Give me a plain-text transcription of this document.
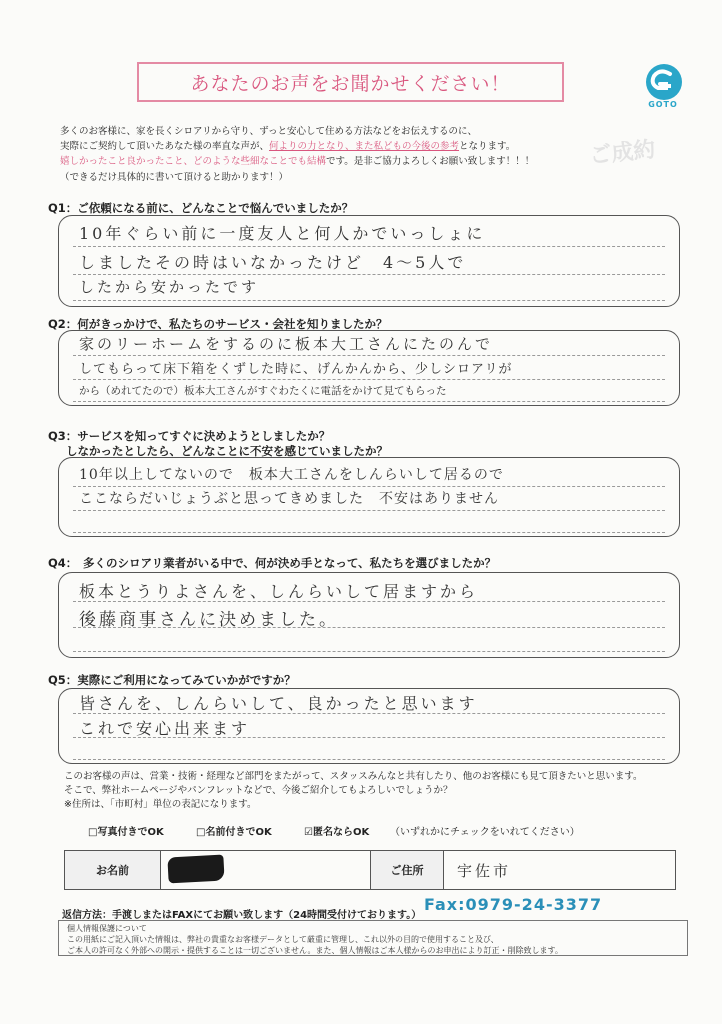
あなたのお声をお聞かせください！
GOTO
ご成約
多くのお客様に、家を長くシロアリから守り、ずっと安心して住める方法などをお伝えするのに、
実際にご契約して頂いたあなた様の率直な声が、何よりの力となり、また私どもの今後の参考となります。
嬉しかったこと良かったこと、どのような些細なことでも結構です。是非ご協力よろしくお願い致します！！！
（できるだけ具体的に書いて頂けると助かります！）
Q1：ご依頼になる前に、どんなことで悩んでいましたか？
10年ぐらい前に一度友人と何人かでいっしょに
しましたその時はいなかったけど　4～5人で
したから安かったです
Q2：何がきっかけで、私たちのサービス・会社を知りましたか？
家のリーホームをするのに板本大工さんにたのんで
してもらって床下箱をくずした時に、げんかんから、少しシロアリが
から（めれてたので）板本大工さんがすぐわたくに電話をかけて見てもらった
Q3：サービスを知ってすぐに決めようとしましたか？
しなかったとしたら、どんなことに不安を感じていましたか？
10年以上してないので　板本大工さんをしんらいして居るので
ここならだいじょうぶと思ってきめました　不安はありません
Q4：　多くのシロアリ業者がいる中で、何が決め手となって、私たちを選びましたか？
板本とうりよさんを、しんらいして居ますから
後藤商事さんに決めました。
Q5：実際にご利用になってみていかがですか？
皆さんを、しんらいして、良かったと思います
これで安心出来ます
このお客様の声は、営業・技術・経理など部門をまたがって、スタッスみんなと共有したり、他のお客様にも見て頂きたいと思います。
そこで、弊社ホームページやパンフレットなどで、今後ご紹介してもよろしいでしょうか？
※住所は、「市町村」単位の表記になります。
□写真付きでOK	□名前付きでOK	☑匿名ならOK （いずれかにチェックをいれてください）
お名前	ご住所	宇佐市
Fax:0979-24-3377
返信方法：手渡しまたはFAXにてお願い致します（24時間受付けております。）
個人情報保護について
この用紙にご記入頂いた情報は、弊社の貴重なお客様データとして厳重に管理し、これ以外の目的で使用すること及び、
ご本人の許可なく外部への開示・提供することは一切ございません。また、個人情報はご本人様からのお申出により訂正・削除致します。
